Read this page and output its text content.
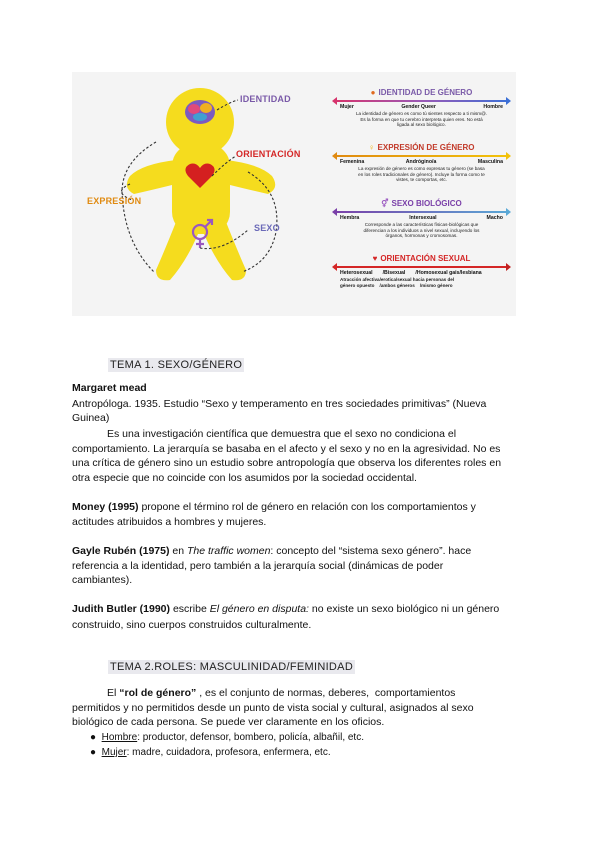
IDENTIDAD
ORIENTACIÓN
EXPRESIÓN
SEXO
● IDENTIDAD DE GÉNERO
Mujer	Gender Queer	Hombre
La identidad de género es como tú sientes respecto a ti mism@.
Es la forma en que tu cerebro interpreta quien eres. No está
ligada al sexo biológico.
♀ EXPRESIÓN DE GÉNERO
Femenina	Andrógino/a	Masculina
La expresión de género es como expresas tu género (se basa
en los roles tradicionales de género). Incluye la forma como te
vistes, te comportas, etc.
⚥ SEXO BIOLÓGICO
Hembra	Intersexual	Macho
Corresponde a las características físicas-biológicas que
diferencian a los individuos a nivel sexual, incluyendo los
órganos, hormonas y cromosomas.
♥ ORIENTACIÓN SEXUAL
Heterosexual /Bisexual /Homosexual gais/lesbiana
Atracción afectiva/erotica/sexual hacia personas del
género opuesto    /ambos géneros    /mismo género
TEMA 1. SEXO/GÉNERO
Margaret mead
Antropóloga. 1935. Estudio “Sexo y temperamento en tres sociedades primitivas” (Nueva
Guinea)
Es una investigación científica que demuestra que el sexo no condiciona el
comportamiento. La jerarquía se basaba en el afecto y el sexo y no en la agresividad. No es
una crítica de género sino un estudio sobre antropología que observa los diferentes roles en
otra especie que no coincide con los asumidos por la sociedad occidental.
Money (1995) propone el término rol de género en relación con los comportamientos y
actitudes atribuidos a hombres y mujeres.
Gayle Rubén (1975) en The traffic women: concepto del “sistema sexo género”. hace
referencia a la identidad, pero también a la jerarquía social (dinámicas de poder
cambiantes).
Judith Butler (1990) escribe El género en disputa: no existe un sexo biológico ni un género
construido, sino cuerpos construidos culturalmente.
TEMA 2.ROLES: MASCULINIDAD/FEMINIDAD
El “rol de género” , es el conjunto de normas, deberes,  comportamientos
permitidos y no permitidos desde un punto de vista social y cultural, asignados al sexo
biológico de cada persona. Se puede ver claramente en los oficios.
● Hombre: productor, defensor, bombero, policía, albañil, etc.
● Mujer: madre, cuidadora, profesora, enfermera, etc.
